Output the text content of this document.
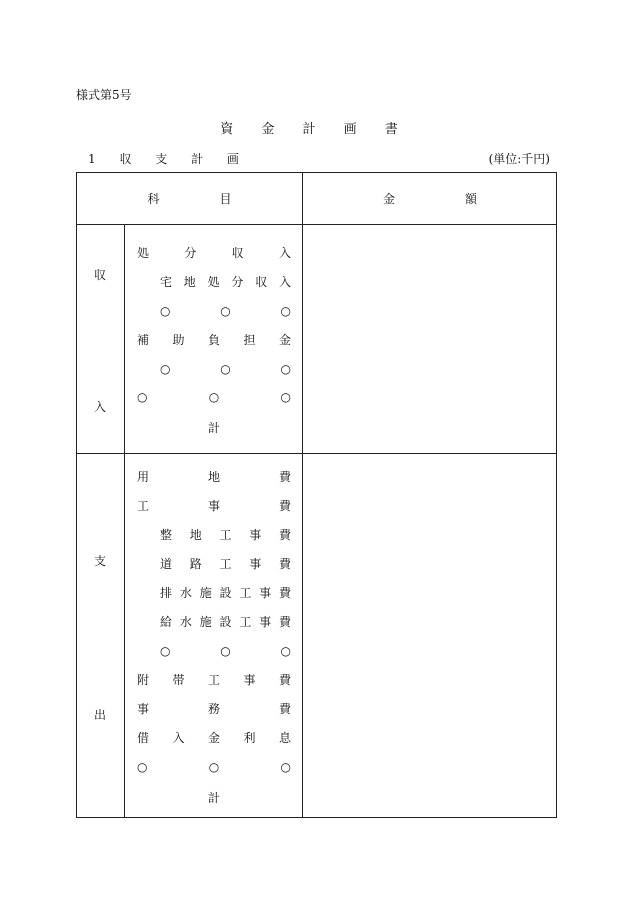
様式第5号
資 金 計 画 書
1 収 支 計 画	(単位:千円)
科目	金額
収
入
処	分	収	入
宅 地 処 分 収 入
○	○	○
補 助 負 担 金
○	○	○
○	○	○
計
支
出
用	地	費
工	事	費
整 地 工 事 費
道 路 工 事 費
排 水 施 設 工 事 費
給 水 施 設 工 事 費
○	○	○
附 帯 工 事 費
事	務	費
借 入 金 利 息
○	○	○
計
